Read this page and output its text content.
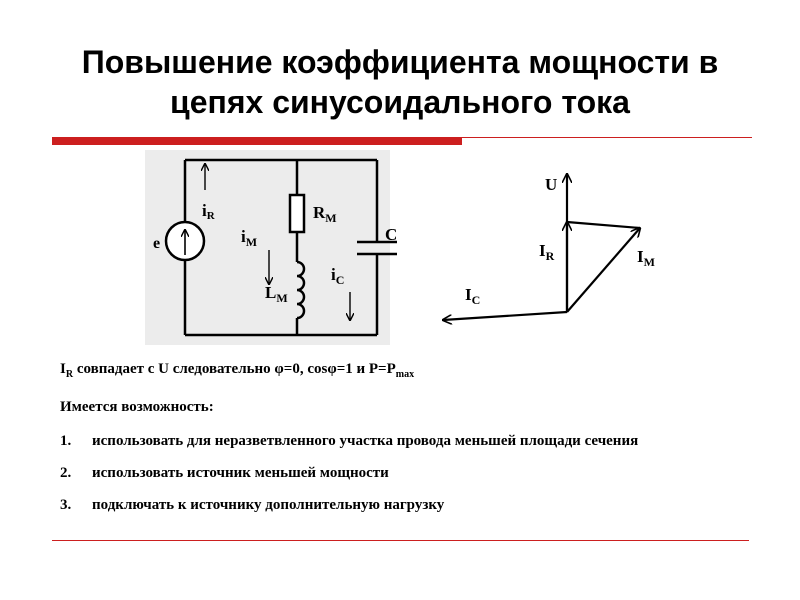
Повышение коэффициента мощности в
цепях синусоидального тока
e
$R_M$
$L_M$
C
iR
$i_M$
$i_C$
U
$I_R$	$I_M$
$I_C$
$I_R$ совпадает с U следовательно φ=0, cosφ=1 и $P=P_{max}$
Имеется возможность:
1. использовать для неразветвленного участка провода меньшей площади сечения
2. использовать источник меньшей мощности
3. подключать к источнику дополнительную нагрузку
